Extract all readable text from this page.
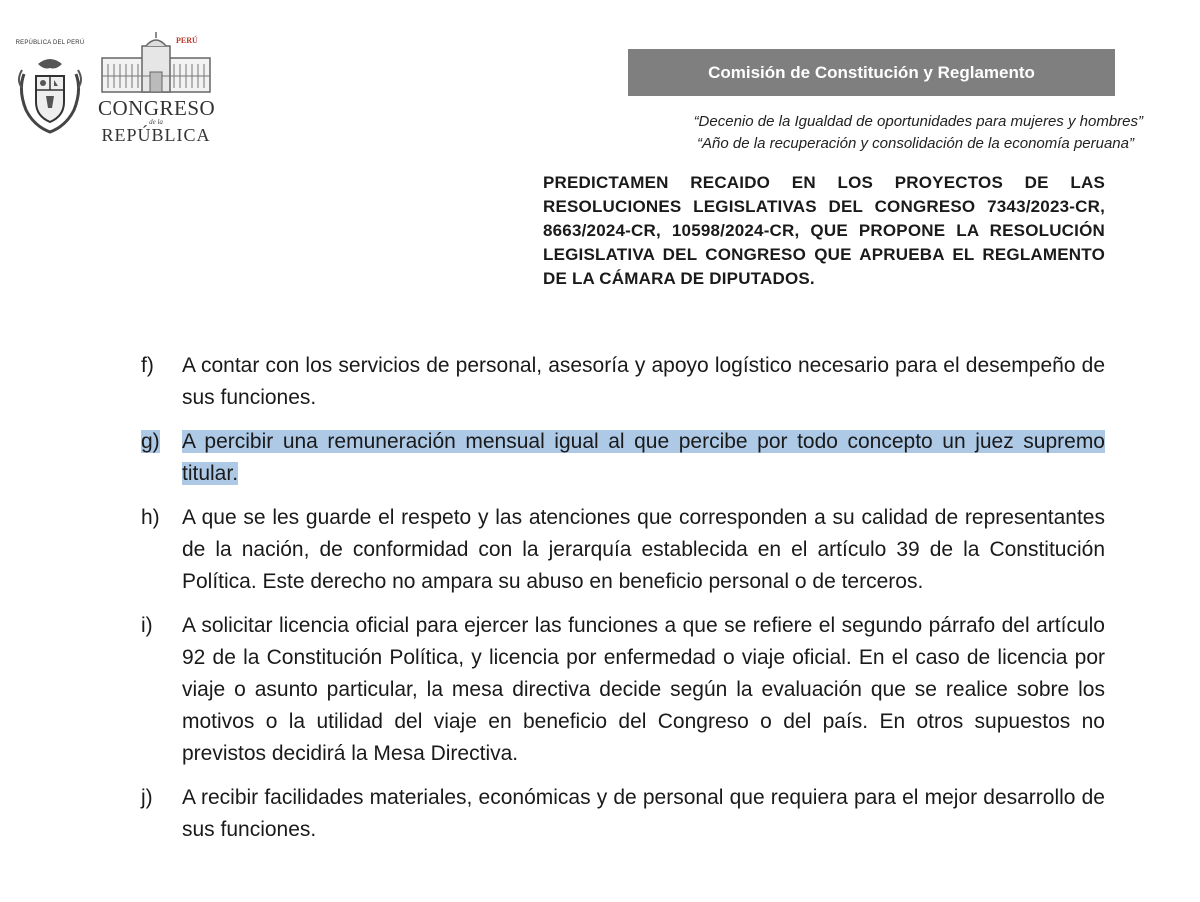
REPÚBLICA DEL PERÚ	PERÚ
CONGRESO
de la
REPÚBLICA
Comisión de Constitución y Reglamento
“Decenio de la Igualdad de oportunidades para mujeres y hombres”
“Año de la recuperación y consolidación de la economía peruana”
PREDICTAMEN RECAIDO EN LOS PROYECTOS DE LAS RESOLUCIONES LEGISLATIVAS DEL CONGRESO 7343/2023-CR, 8663/2024-CR, 10598/2024-CR, QUE PROPONE LA RESOLUCIÓN LEGISLATIVA DEL CONGRESO QUE APRUEBA EL REGLAMENTO DE LA CÁMARA DE DIPUTADOS.
f)	A contar con los servicios de personal, asesoría y apoyo logístico necesario para el desempeño de sus funciones.
g)	A percibir una remuneración mensual igual al que percibe por todo concepto un juez supremo titular.
h)	A que se les guarde el respeto y las atenciones que corresponden a su calidad de representantes de la nación, de conformidad con la jerarquía establecida en el artículo 39 de la Constitución Política. Este derecho no ampara su abuso en beneficio personal o de terceros.
i)	A solicitar licencia oficial para ejercer las funciones a que se refiere el segundo párrafo del artículo 92 de la Constitución Política, y licencia por enfermedad o viaje oficial. En el caso de licencia por viaje o asunto particular, la mesa directiva decide según la evaluación que se realice sobre los motivos o la utilidad del viaje en beneficio del Congreso o del país. En otros supuestos no previstos decidirá la Mesa Directiva.
j)	A recibir facilidades materiales, económicas y de personal que requiera para el mejor desarrollo de sus funciones.
